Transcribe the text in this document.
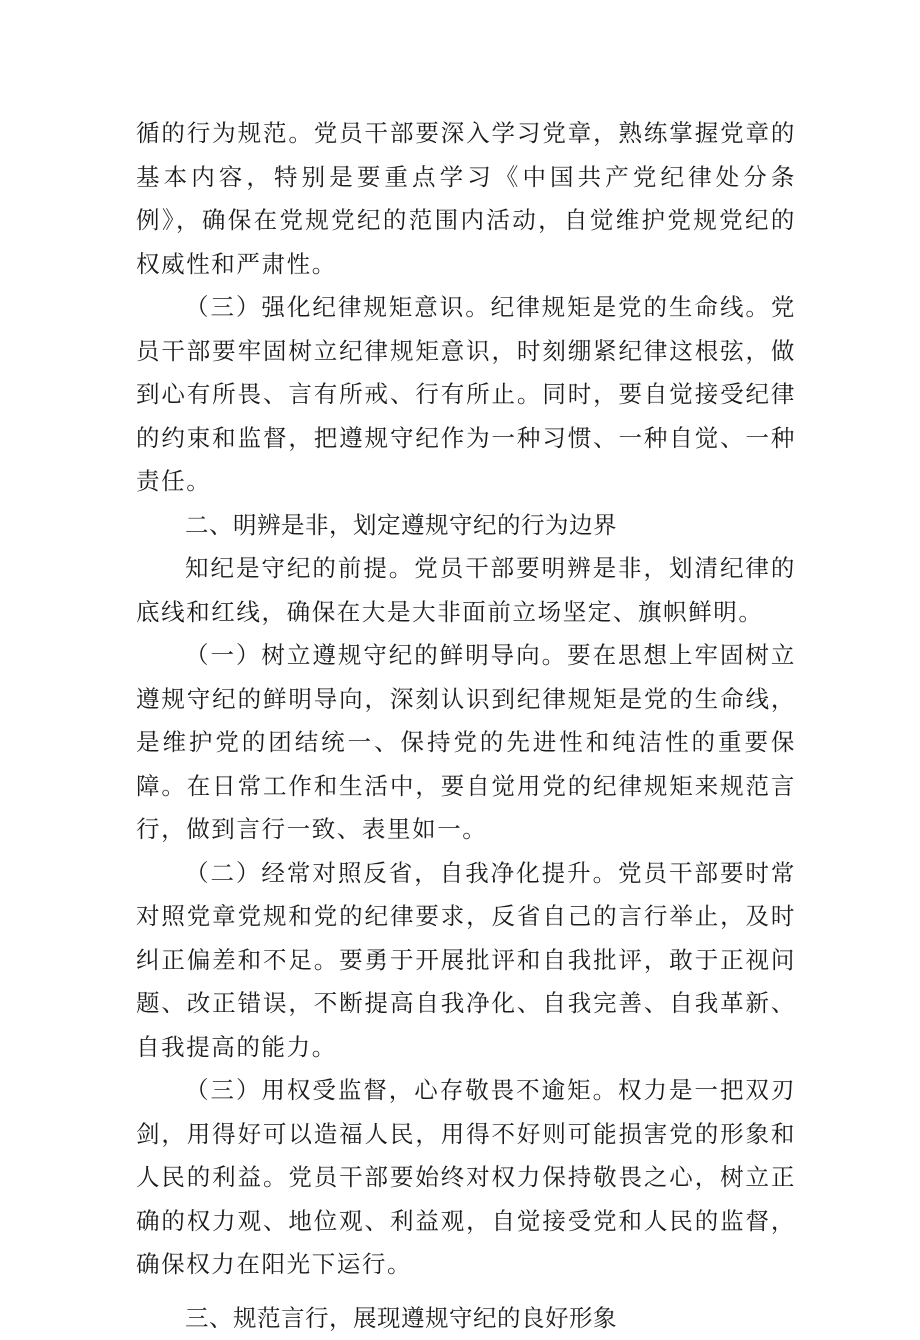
循的行为规范。党员干部要深入学习党章，熟练掌握党章的基本内容，特别是要重点学习《中国共产党纪律处分条例》，确保在党规党纪的范围内活动，自觉维护党规党纪的权威性和严肃性。

（三）强化纪律规矩意识。纪律规矩是党的生命线。党员干部要牢固树立纪律规矩意识，时刻绷紧纪律这根弦，做到心有所畏、言有所戒、行有所止。同时，要自觉接受纪律的约束和监督，把遵规守纪作为一种习惯、一种自觉、一种责任。

二、明辨是非，划定遵规守纪的行为边界

知纪是守纪的前提。党员干部要明辨是非，划清纪律的底线和红线，确保在大是大非面前立场坚定、旗帜鲜明。

（一）树立遵规守纪的鲜明导向。要在思想上牢固树立遵规守纪的鲜明导向，深刻认识到纪律规矩是党的生命线，是维护党的团结统一、保持党的先进性和纯洁性的重要保障。在日常工作和生活中，要自觉用党的纪律规矩来规范言行，做到言行一致、表里如一。

（二）经常对照反省，自我净化提升。党员干部要时常对照党章党规和党的纪律要求，反省自己的言行举止，及时纠正偏差和不足。要勇于开展批评和自我批评，敢于正视问题、改正错误，不断提高自我净化、自我完善、自我革新、自我提高的能力。

（三）用权受监督，心存敬畏不逾矩。权力是一把双刃剑，用得好可以造福人民，用得不好则可能损害党的形象和人民的利益。党员干部要始终对权力保持敬畏之心，树立正确的权力观、地位观、利益观，自觉接受党和人民的监督，确保权力在阳光下运行。

三、规范言行，展现遵规守纪的良好形象
